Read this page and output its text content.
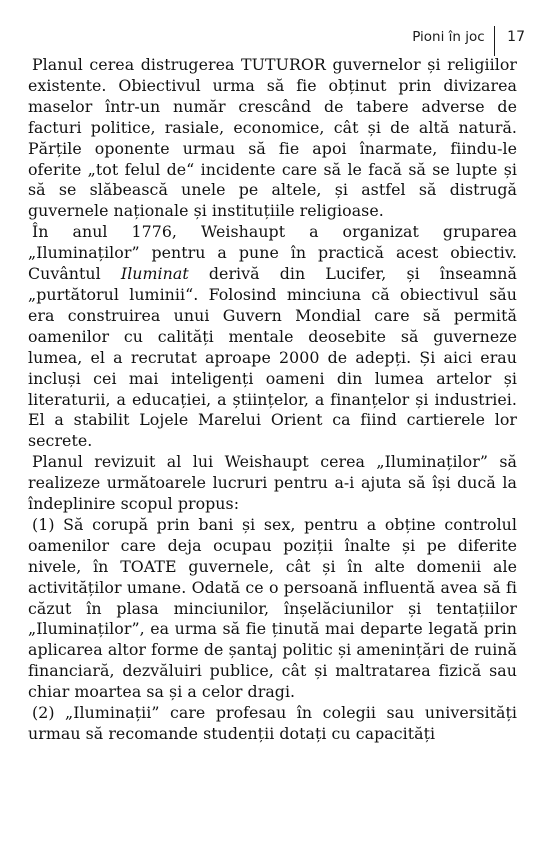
Pioni în joc	17

Planul cerea distrugerea TUTUROR guvernelor și religiilor existente. Obiectivul urma să fie obținut prin divizarea maselor într-un număr crescând de tabere adverse de facturi politice, rasiale, economice, cât și de altă natură. Părțile oponente urmau să fie apoi înarmate, fiindu-le oferite „tot felul de“ incidente care să le facă să se lupte și să se slăbească unele pe altele, și astfel să distrugă guvernele naționale și instituțiile religioase.

În anul 1776, Weishaupt a organizat gruparea „Iluminaților” pentru a pune în practică acest obiectiv. Cuvântul Iluminat derivă din Lucifer, și înseamnă „purtătorul luminii“. Folosind minciuna că obiectivul său era construirea unui Guvern Mondial care să permită oamenilor cu calități mentale deosebite să guverneze lumea, el a recrutat aproape 2000 de adepți. Și aici erau incluși cei mai inteligenți oameni din lumea artelor și literaturii, a educației, a științelor, a finanțelor și industriei. El a stabilit Lojele Marelui Orient ca fiind cartierele lor secrete.

Planul revizuit al lui Weishaupt cerea „Iluminaților” să realizeze următoarele lucruri pentru a-i ajuta să își ducă la îndeplinire scopul propus:

(1) Să corupă prin bani și sex, pentru a obține controlul oamenilor care deja ocupau poziții înalte și pe diferite nivele, în TOATE guvernele, cât și în alte domenii ale activităților umane. Odată ce o persoană influentă avea să fi căzut în plasa minciunilor, înșelăciunilor și tentațiilor „Iluminaților”, ea urma să fie ținută mai departe legată prin aplicarea altor forme de șantaj politic și amenințări de ruină financiară, dezvăluiri publice, cât și maltratarea fizică sau chiar moartea sa și a celor dragi.

(2) „Iluminații” care profesau în colegii sau universități urmau să recomande studenții dotați cu capacități
